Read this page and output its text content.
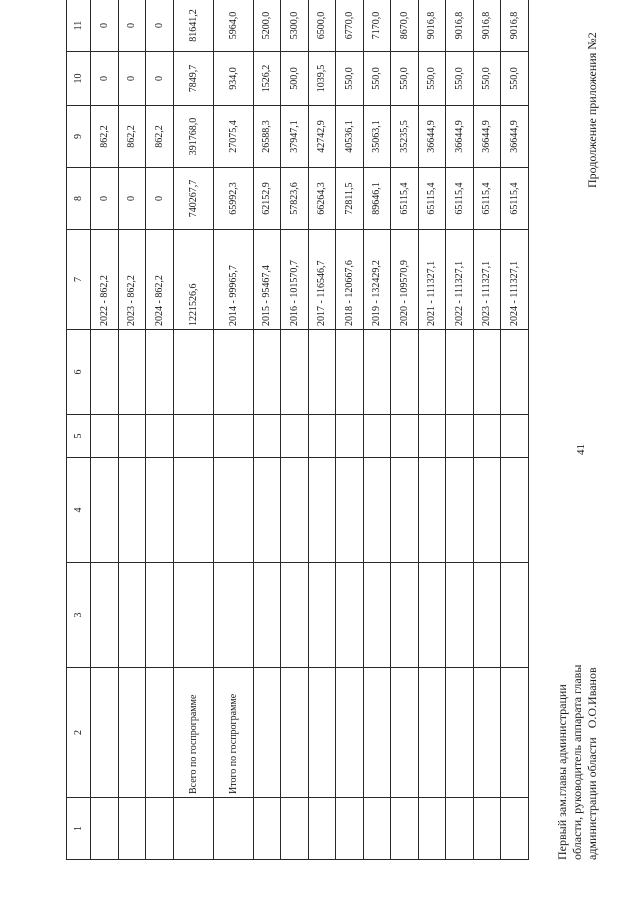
1	2	3	4	5	6	7	8	9	10	11
						2022 - 862,2	0	862,2	0	0
						2023 - 862,2	0	862,2	0	0
						2024 - 862,2	0	862,2	0	0
	Всего по госпрограмме					1221526,6	740267,7	391768,0	7849,7	81641,2
	Итого по госпрограмме					2014 - 99965,7	65992,3	27075,4	934,0	5964,0
						2015 - 95467,4	62152,9	26588,3	1526,2	5200,0
						2016 - 101570,7	57823,6	37947,1	500,0	5300,0
						2017 - 116546,7	66264,3	42742,9	1039,5	6500,0
						2018 - 120667,6	72811,5	40536,1	550,0	6770,0
						2019 - 132429,2	89646,1	35063,1	550,0	7170,0
						2020 - 109570,9	65115,4	35235,5	550,0	8670,0
						2021 - 111327,1	65115,4	36644,9	550,0	9016,8
						2022 - 111327,1	65115,4	36644,9	550,0	9016,8
						2023 - 111327,1	65115,4	36644,9	550,0	9016,8
						2024 - 111327,1	65115,4	36644,9	550,0	9016,8
41
Продолжение приложения №2
Первый зам.главы администрации области, руководитель аппарата главы администрации области   О.О.Иванов
